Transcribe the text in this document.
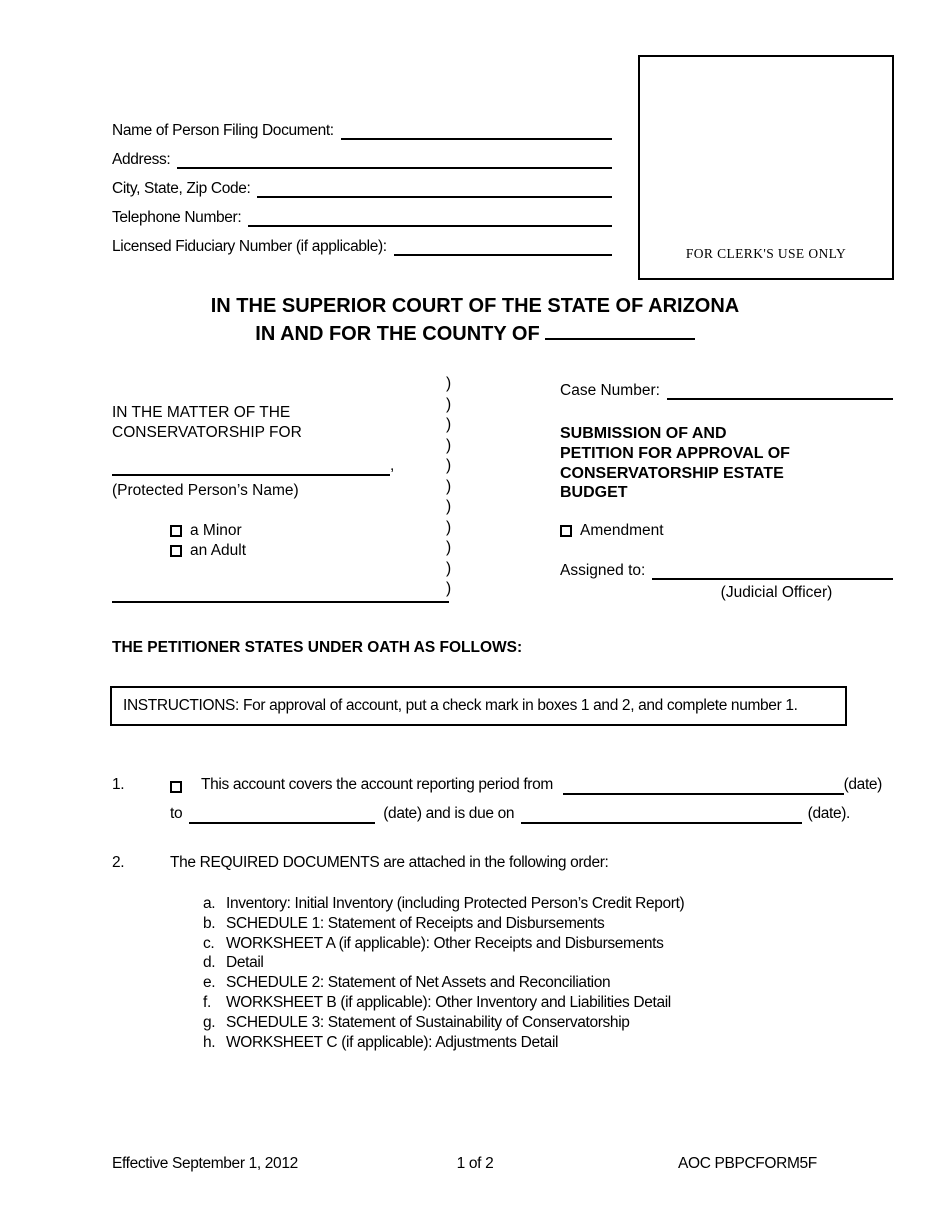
FOR CLERK'S USE ONLY
Name of Person Filing Document:
Address:
City, State, Zip Code:
Telephone Number:
Licensed Fiduciary Number (if applicable):
IN THE SUPERIOR COURT OF THE STATE OF ARIZONA
IN AND FOR THE COUNTY OF
IN THE MATTER OF THE
CONSERVATORSHIP FOR
,
(Protected Person’s Name)
a Minor
an Adult
)
)
)
)
)
)
)
)
)
)
)
Case Number:
SUBMISSION OF AND
PETITION FOR APPROVAL OF
CONSERVATORSHIP ESTATE
BUDGET
Amendment
Assigned to:
(Judicial Officer)
THE PETITIONER STATES UNDER OATH AS FOLLOWS:
INSTRUCTIONS: For approval of account, put a check mark in boxes 1 and 2, and complete number 1.
1.	This account covers the account reporting period from	(date)
to	(date) and is due on	(date).
2.	The REQUIRED DOCUMENTS are attached in the following order:
a. Inventory: Initial Inventory (including Protected Person’s Credit Report)
b. SCHEDULE 1: Statement of Receipts and Disbursements
c. WORKSHEET A (if applicable): Other Receipts and Disbursements
d. Detail
e. SCHEDULE 2: Statement of Net Assets and Reconciliation
f. WORKSHEET B (if applicable): Other Inventory and Liabilities Detail
g. SCHEDULE 3: Statement of Sustainability of Conservatorship
h. WORKSHEET C (if applicable): Adjustments Detail
Effective September 1, 2012	1 of 2	AOC PBPCFORM5F
